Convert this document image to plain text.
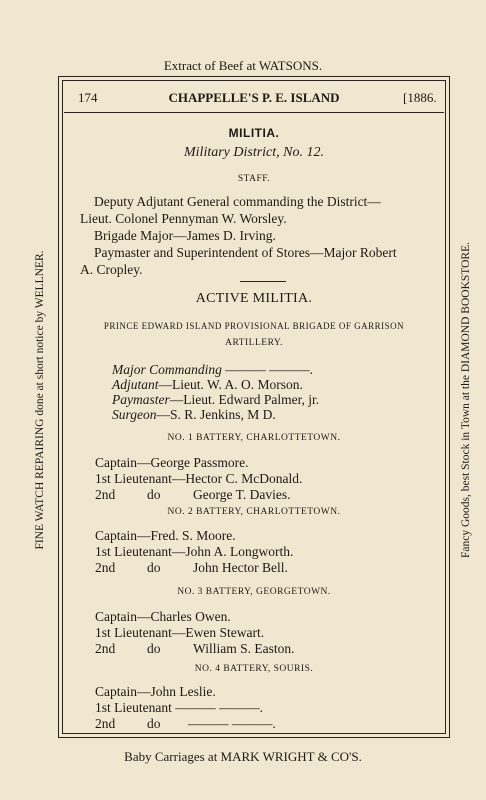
Extract of Beef at WATSONS.
FINE WATCH REPAIRING done at short notice by WELLNER.	Fancy Goods, best Stock in Town at the DIAMOND BOOKSTORE.
Baby Carriages at MARK WRIGHT & CO'S.
174	CHAPPELLE'S P. E. ISLAND	[1886.
MILITIA.
Military District, No. 12.
STAFF.
Deputy Adjutant General commanding the District—
Lieut. Colonel Pennyman W. Worsley.
Brigade Major—James D. Irving.
Paymaster and Superintendent of Stores—Major Robert
A. Cropley.
ACTIVE MILITIA.
PRINCE EDWARD ISLAND PROVISIONAL BRIGADE OF GARRISON
ARTILLERY.
Major Commanding ——— ———.
Adjutant—Lieut. W. A. O. Morson.
Paymaster—Lieut. Edward Palmer, jr.
Surgeon—S. R. Jenkins, M D.
NO. 1 BATTERY, CHARLOTTETOWN.
Captain—George Passmore.
1st Lieutenant—Hector C. McDonald.
2nd do George T. Davies.
NO. 2 BATTERY, CHARLOTTETOWN.
Captain—Fred. S. Moore.
1st Lieutenant—John A. Longworth.
2nd do John Hector Bell.
NO. 3 BATTERY, GEORGETOWN.
Captain—Charles Owen.
1st Lieutenant—Ewen Stewart.
2nd do William S. Easton.
NO. 4 BATTERY, SOURIS.
Captain—John Leslie.
1st Lieutenant ——— ———.
2nd do ——— ———.
